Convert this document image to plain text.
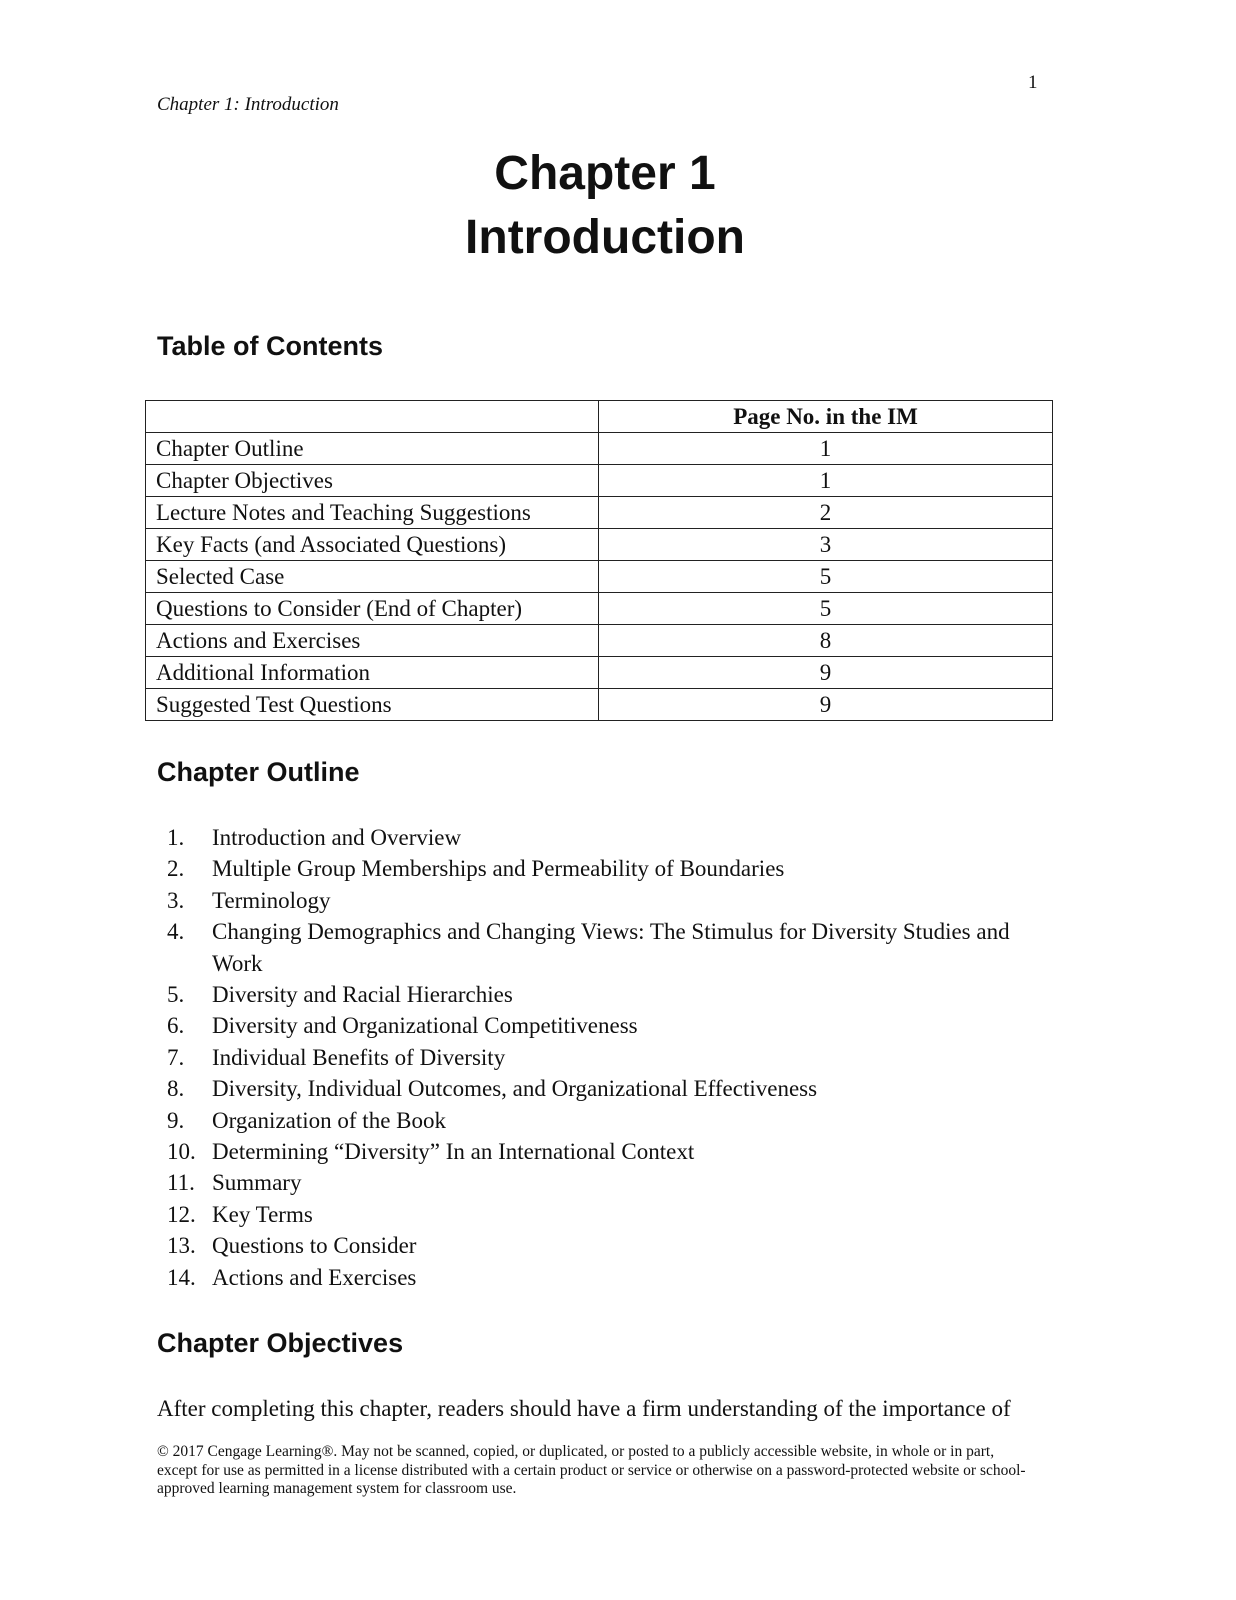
1
Chapter 1: Introduction
Chapter 1
Introduction
Table of Contents
	Page No. in the IM
Chapter Outline	1
Chapter Objectives	1
Lecture Notes and Teaching Suggestions	2
Key Facts (and Associated Questions)	3
Selected Case	5
Questions to Consider (End of Chapter)	5
Actions and Exercises	8
Additional Information	9
Suggested Test Questions	9
Chapter Outline
1.	Introduction and Overview
2.	Multiple Group Memberships and Permeability of Boundaries
3.	Terminology
4.	Changing Demographics and Changing Views: The Stimulus for Diversity Studies and Work
5.	Diversity and Racial Hierarchies
6.	Diversity and Organizational Competitiveness
7.	Individual Benefits of Diversity
8.	Diversity, Individual Outcomes, and Organizational Effectiveness
9.	Organization of the Book
10. Determining “Diversity” In an International Context
11. Summary
12. Key Terms
13. Questions to Consider
14. Actions and Exercises
Chapter Objectives
After completing this chapter, readers should have a firm understanding of the importance of
© 2017 Cengage Learning®. May not be scanned, copied, or duplicated, or posted to a publicly accessible website, in whole or in part, except for use as permitted in a license distributed with a certain product or service or otherwise on a password-protected website or school-approved learning management system for classroom use.
